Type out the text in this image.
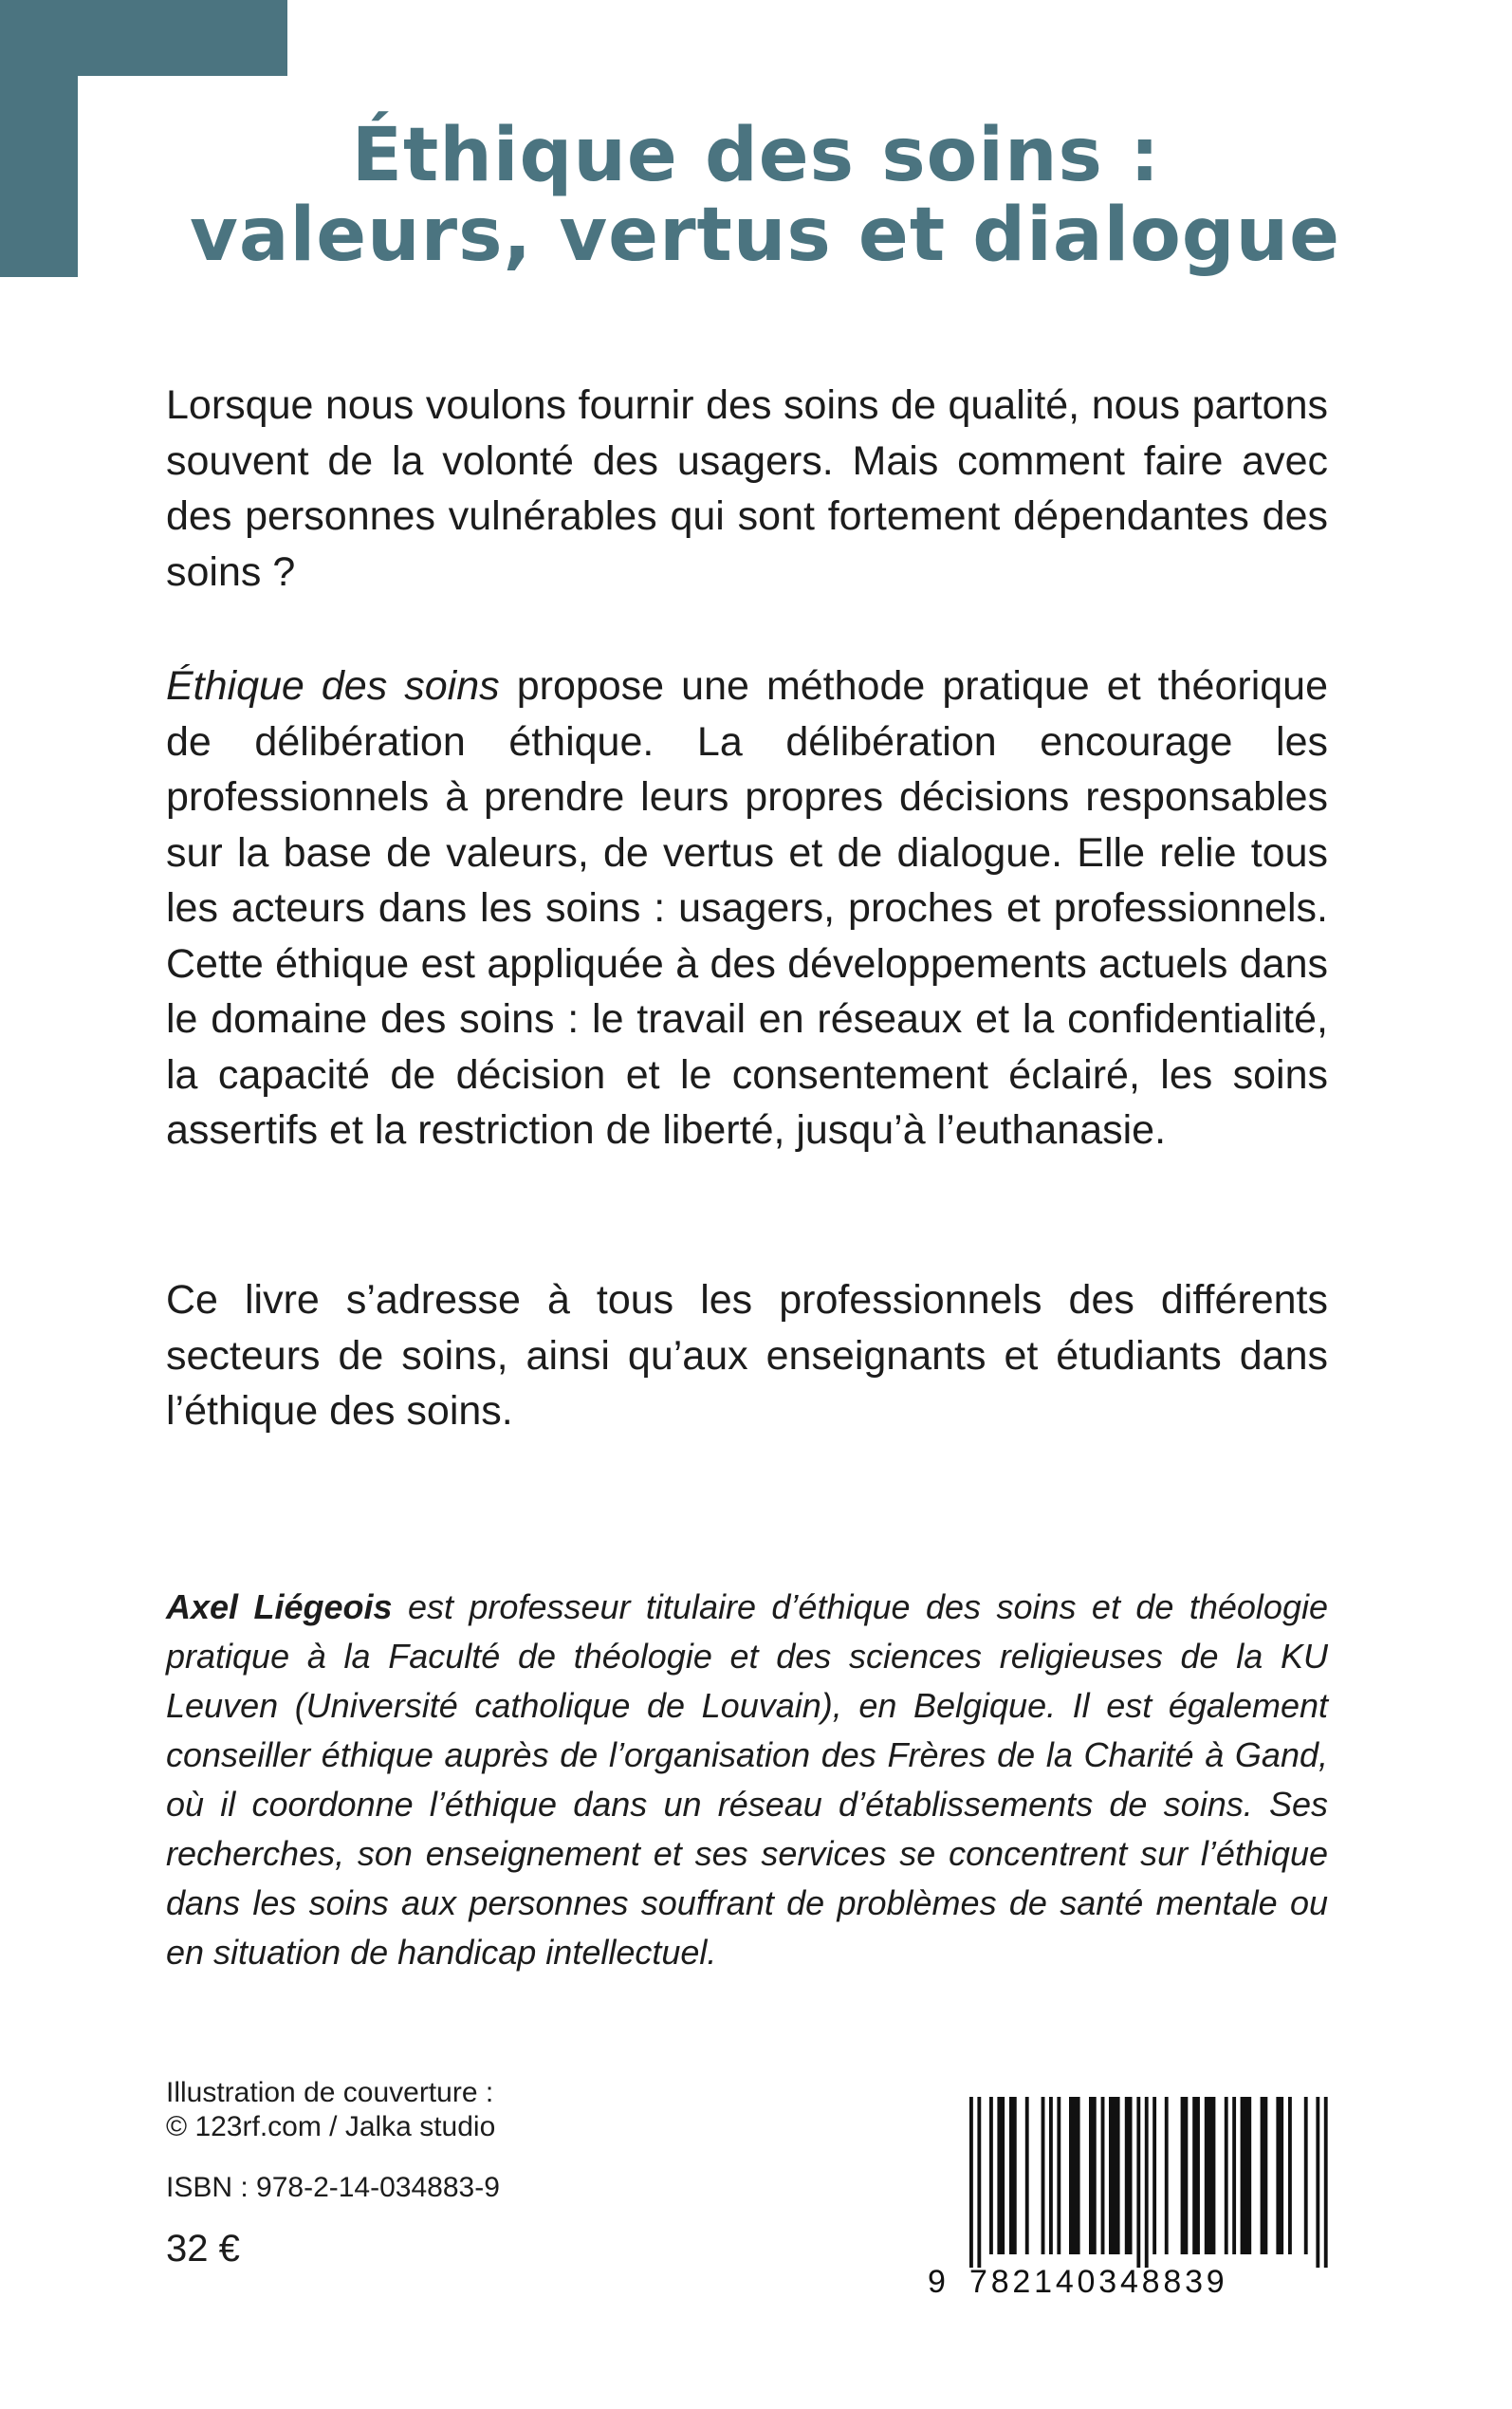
Éthique des soins :
valeurs, vertus et dialogue
Lorsque nous voulons fournir des soins de qualité, nous partons souvent de la volonté des usagers. Mais comment faire avec des personnes vulnérables qui sont fortement dépendantes des soins ?
Éthique des soins propose une méthode pratique et théorique de délibération éthique. La délibération encourage les professionnels à prendre leurs propres décisions responsables sur la base de valeurs, de vertus et de dialogue. Elle relie tous les acteurs dans les soins : usagers, proches et professionnels. Cette éthique est appliquée à des développements actuels dans le domaine des soins : le travail en réseaux et la confidentialité, la capacité de décision et le consentement éclairé, les soins assertifs et la restriction de liberté, jusqu’à l’euthanasie.
Ce livre s’adresse à tous les professionnels des différents secteurs de soins, ainsi qu’aux enseignants et étudiants dans l’éthique des soins.
Axel Liégeois est professeur titulaire d’éthique des soins et de théologie pratique à la Faculté de théologie et des sciences religieuses de la KU Leuven (Université catholique de Louvain), en Belgique. Il est également conseiller éthique auprès de l’organisation des Frères de la Charité à Gand, où il coordonne l’éthique dans un réseau d’établissements de soins. Ses recherches, son enseignement et ses services se concentrent sur l’éthique dans les soins aux personnes souffrant de problèmes de santé mentale ou en situation de handicap intellectuel.
Illustration de couverture :
© 123rf.com / Jalka studio
ISBN : 978-2-14-034883-9
32 €
9 782140348839
